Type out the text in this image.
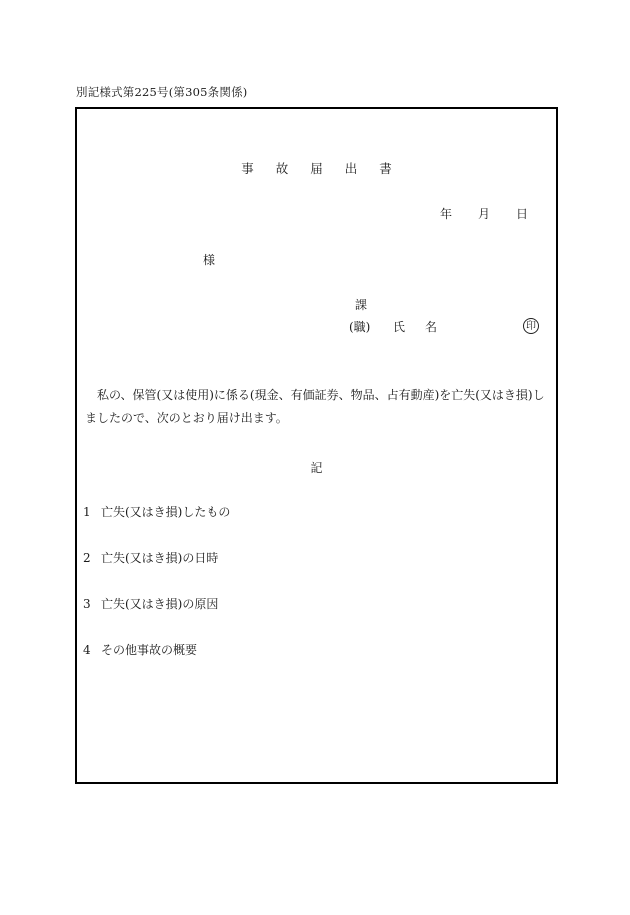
別記様式第225号(第305条関係)
事 故 届 出 書
年 月 日
様
課
(職) 氏 名	印
私の、保管(又は使用)に係る(現金、有価証券、物品、占有動産)を亡失(又はき損)しましたので、次のとおり届け出ます。
記
1 亡失(又はき損)したもの
2 亡失(又はき損)の日時
3 亡失(又はき損)の原因
4 その他事故の概要
